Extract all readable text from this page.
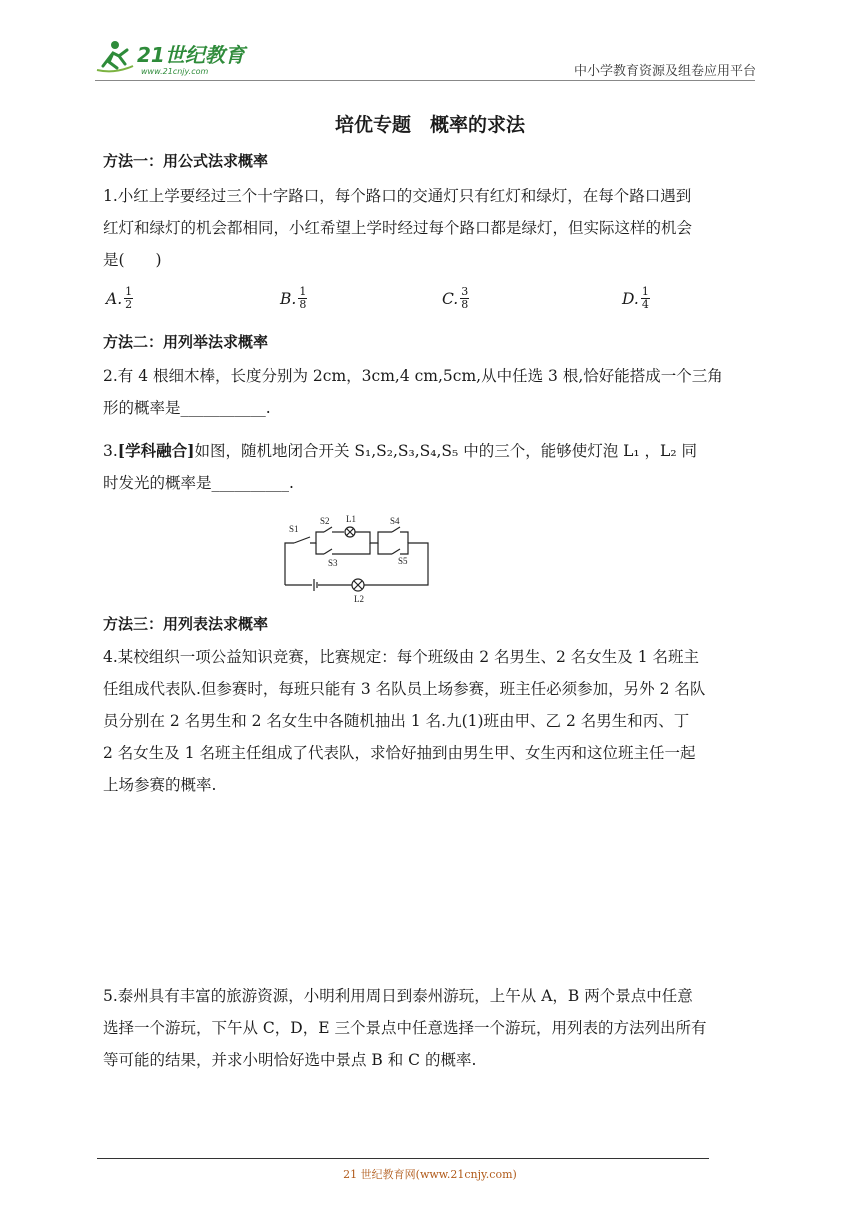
21世纪教育
www.21cnjy.com	中小学教育资源及组卷应用平台
培优专题　概率的求法
方法一：用公式法求概率
1.小红上学要经过三个十字路口，每个路口的交通灯只有红灯和绿灯，在每个路口遇到
红灯和绿灯的机会都相同，小红希望上学时经过每个路口都是绿灯，但实际这样的机会
是(　　)
A. $\frac{1}{2}$	B. $\frac{1}{8}$	C. $\frac{3}{8}$	D. $\frac{1}{4}$
方法二：用列举法求概率
2.有 4 根细木棒，长度分别为 2cm，3cm,4 cm,5cm,从中任选 3 根,恰好能搭成一个三角
形的概率是___________.
3.[学科融合]如图，随机地闭合开关 S₁,S₂,S₃,S₄,S₅ 中的三个，能够使灯泡 L₁ ，L₂ 同
时发光的概率是__________.
S1
S2 L1	S4
S3	S5
L2
方法三：用列表法求概率
4.某校组织一项公益知识竞赛，比赛规定：每个班级由 2 名男生、2 名女生及 1 名班主
任组成代表队.但参赛时，每班只能有 3 名队员上场参赛，班主任必须参加，另外 2 名队
员分别在 2 名男生和 2 名女生中各随机抽出 1 名.九(1)班由甲、乙 2 名男生和丙、丁
2 名女生及 1 名班主任组成了代表队，求恰好抽到由男生甲、女生丙和这位班主任一起
上场参赛的概率.
5.泰州具有丰富的旅游资源，小明利用周日到泰州游玩，上午从 A，B 两个景点中任意
选择一个游玩，下午从 C，D，E 三个景点中任意选择一个游玩，用列表的方法列出所有
等可能的结果，并求小明恰好选中景点 B 和 C 的概率.
21 世纪教育网(www.21cnjy.com)
